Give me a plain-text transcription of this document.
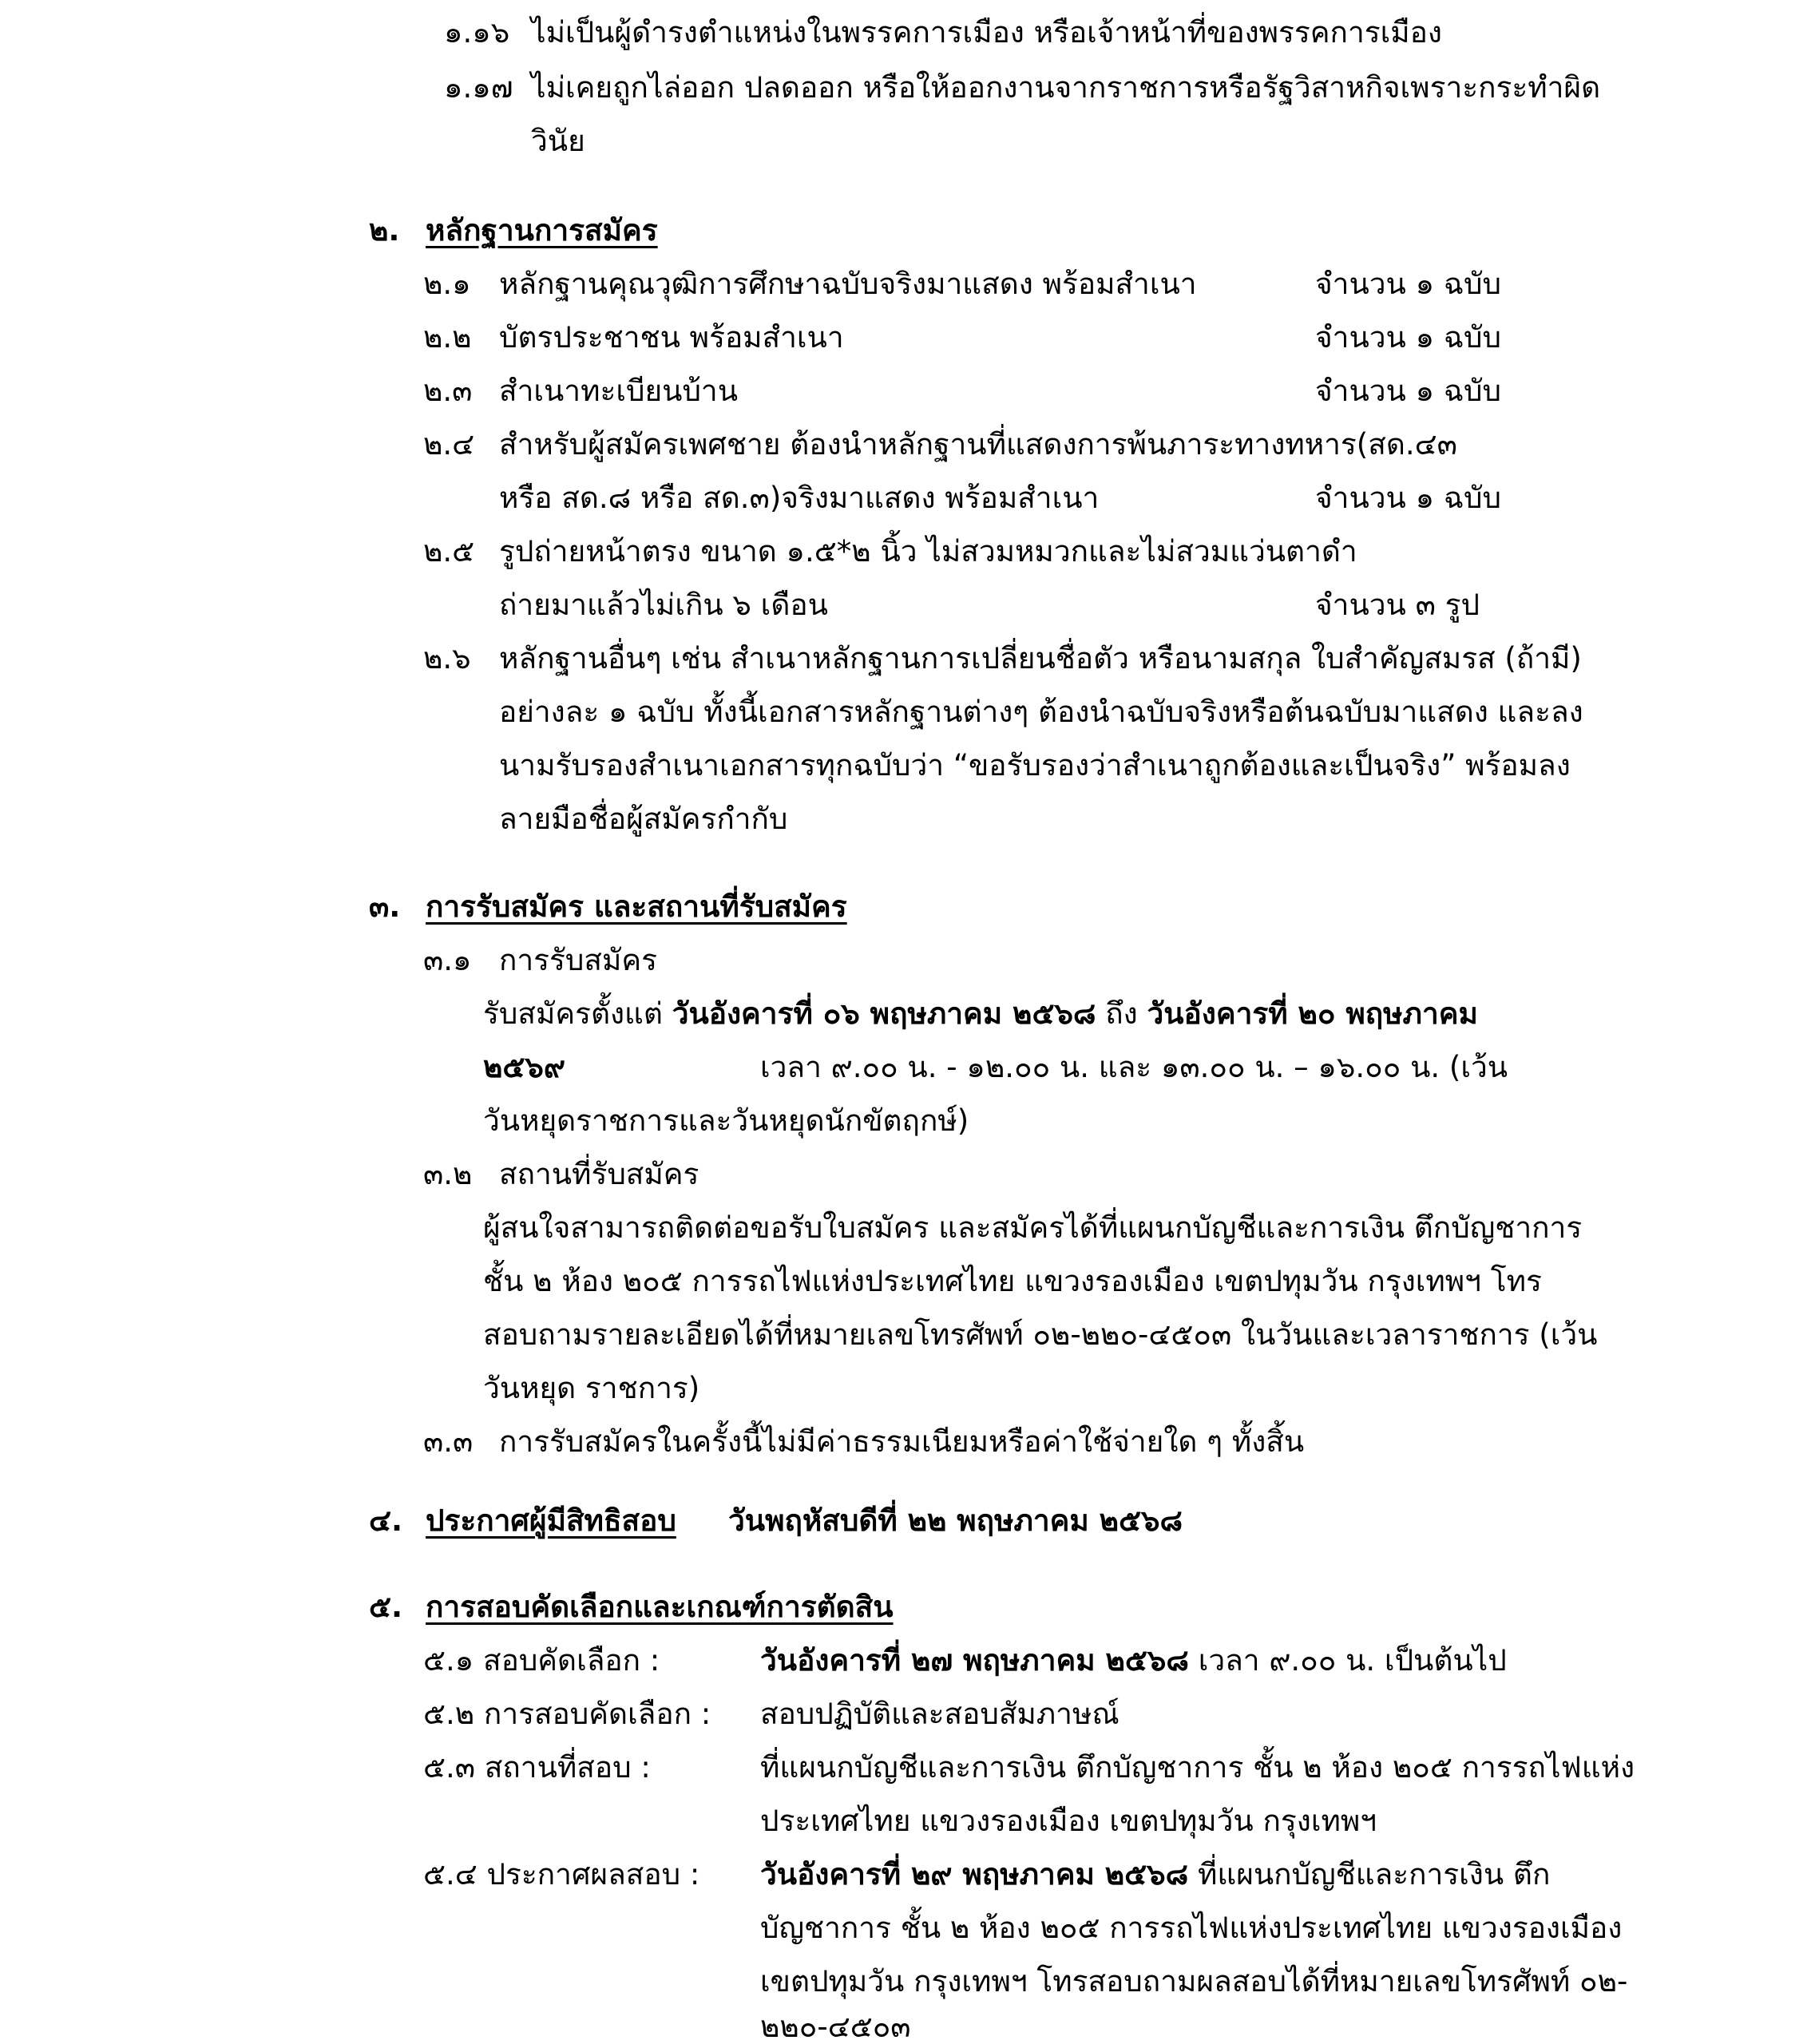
๑.๑๖ ไม่เป็นผู้ดำรงตำแหน่งในพรรคการเมือง หรือเจ้าหน้าที่ของพรรคการเมือง
๑.๑๗ ไม่เคยถูกไล่ออก ปลดออก หรือให้ออกงานจากราชการหรือรัฐวิสาหกิจเพราะกระทำผิด
วินัย
๒. หลักฐานการสมัคร
๒.๑ หลักฐานคุณวุฒิการศึกษาฉบับจริงมาแสดง พร้อมสำเนา	จำนวน ๑ ฉบับ
๒.๒ บัตรประชาชน พร้อมสำเนา	จำนวน ๑ ฉบับ
๒.๓ สำเนาทะเบียนบ้าน	จำนวน ๑ ฉบับ
๒.๔ สำหรับผู้สมัครเพศชาย ต้องนำหลักฐานที่แสดงการพ้นภาระทางทหาร(สด.๔๓
หรือ สด.๘ หรือ สด.๓)จริงมาแสดง พร้อมสำเนา	จำนวน ๑ ฉบับ
๒.๕ รูปถ่ายหน้าตรง ขนาด ๑.๕*๒ นิ้ว ไม่สวมหมวกและไม่สวมแว่นตาดำ
ถ่ายมาแล้วไม่เกิน ๖ เดือน	จำนวน ๓ รูป
๒.๖ หลักฐานอื่นๆ เช่น สำเนาหลักฐานการเปลี่ยนชื่อตัว หรือนามสกุล ใบสำคัญสมรส (ถ้ามี)
อย่างละ ๑ ฉบับ ทั้งนี้เอกสารหลักฐานต่างๆ ต้องนำฉบับจริงหรือต้นฉบับมาแสดง และลง
นามรับรองสำเนาเอกสารทุกฉบับว่า “ขอรับรองว่าสำเนาถูกต้องและเป็นจริง” พร้อมลง
ลายมือชื่อผู้สมัครกำกับ
๓. การรับสมัคร และสถานที่รับสมัคร
๓.๑ การรับสมัคร
รับสมัครตั้งแต่ วันอังคารที่ ๐๖ พฤษภาคม ๒๕๖๘ ถึง วันอังคารที่ ๒๐ พฤษภาคม
๒๕๖๙	เวลา ๙.๐๐ น. - ๑๒.๐๐ น. และ ๑๓.๐๐ น. – ๑๖.๐๐ น. (เว้น
วันหยุดราชการและวันหยุดนักขัตฤกษ์)
๓.๒ สถานที่รับสมัคร
ผู้สนใจสามารถติดต่อขอรับใบสมัคร และสมัครได้ที่แผนกบัญชีและการเงิน ตึกบัญชาการ
ชั้น ๒ ห้อง ๒๐๕ การรถไฟแห่งประเทศไทย แขวงรองเมือง เขตปทุมวัน กรุงเทพฯ โทร
สอบถามรายละเอียดได้ที่หมายเลขโทรศัพท์ ๐๒-๒๒๐-๔๕๐๓ ในวันและเวลาราชการ (เว้น
วันหยุด ราชการ)
๓.๓ การรับสมัครในครั้งนี้ไม่มีค่าธรรมเนียมหรือค่าใช้จ่ายใด ๆ ทั้งสิ้น
๔. ประกาศผู้มีสิทธิสอบ วันพฤหัสบดีที่ ๒๒ พฤษภาคม ๒๕๖๘
๕. การสอบคัดเลือกและเกณฑ์การตัดสิน
๕.๑ สอบคัดเลือก :	วันอังคารที่ ๒๗ พฤษภาคม ๒๕๖๘ เวลา ๙.๐๐ น. เป็นต้นไป
๕.๒ การสอบคัดเลือก : สอบปฏิบัติและสอบสัมภาษณ์
๕.๓ สถานที่สอบ :	ที่แผนกบัญชีและการเงิน ตึกบัญชาการ ชั้น ๒ ห้อง ๒๐๕ การรถไฟแห่ง
ประเทศไทย แขวงรองเมือง เขตปทุมวัน กรุงเทพฯ
๕.๔ ประกาศผลสอบ : วันอังคารที่ ๒๙ พฤษภาคม ๒๕๖๘ ที่แผนกบัญชีและการเงิน ตึก
บัญชาการ ชั้น ๒ ห้อง ๒๐๕ การรถไฟแห่งประเทศไทย แขวงรองเมือง
เขตปทุมวัน กรุงเทพฯ โทรสอบถามผลสอบได้ที่หมายเลขโทรศัพท์ ๐๒-
๒๒๐-๔๕๐๓
